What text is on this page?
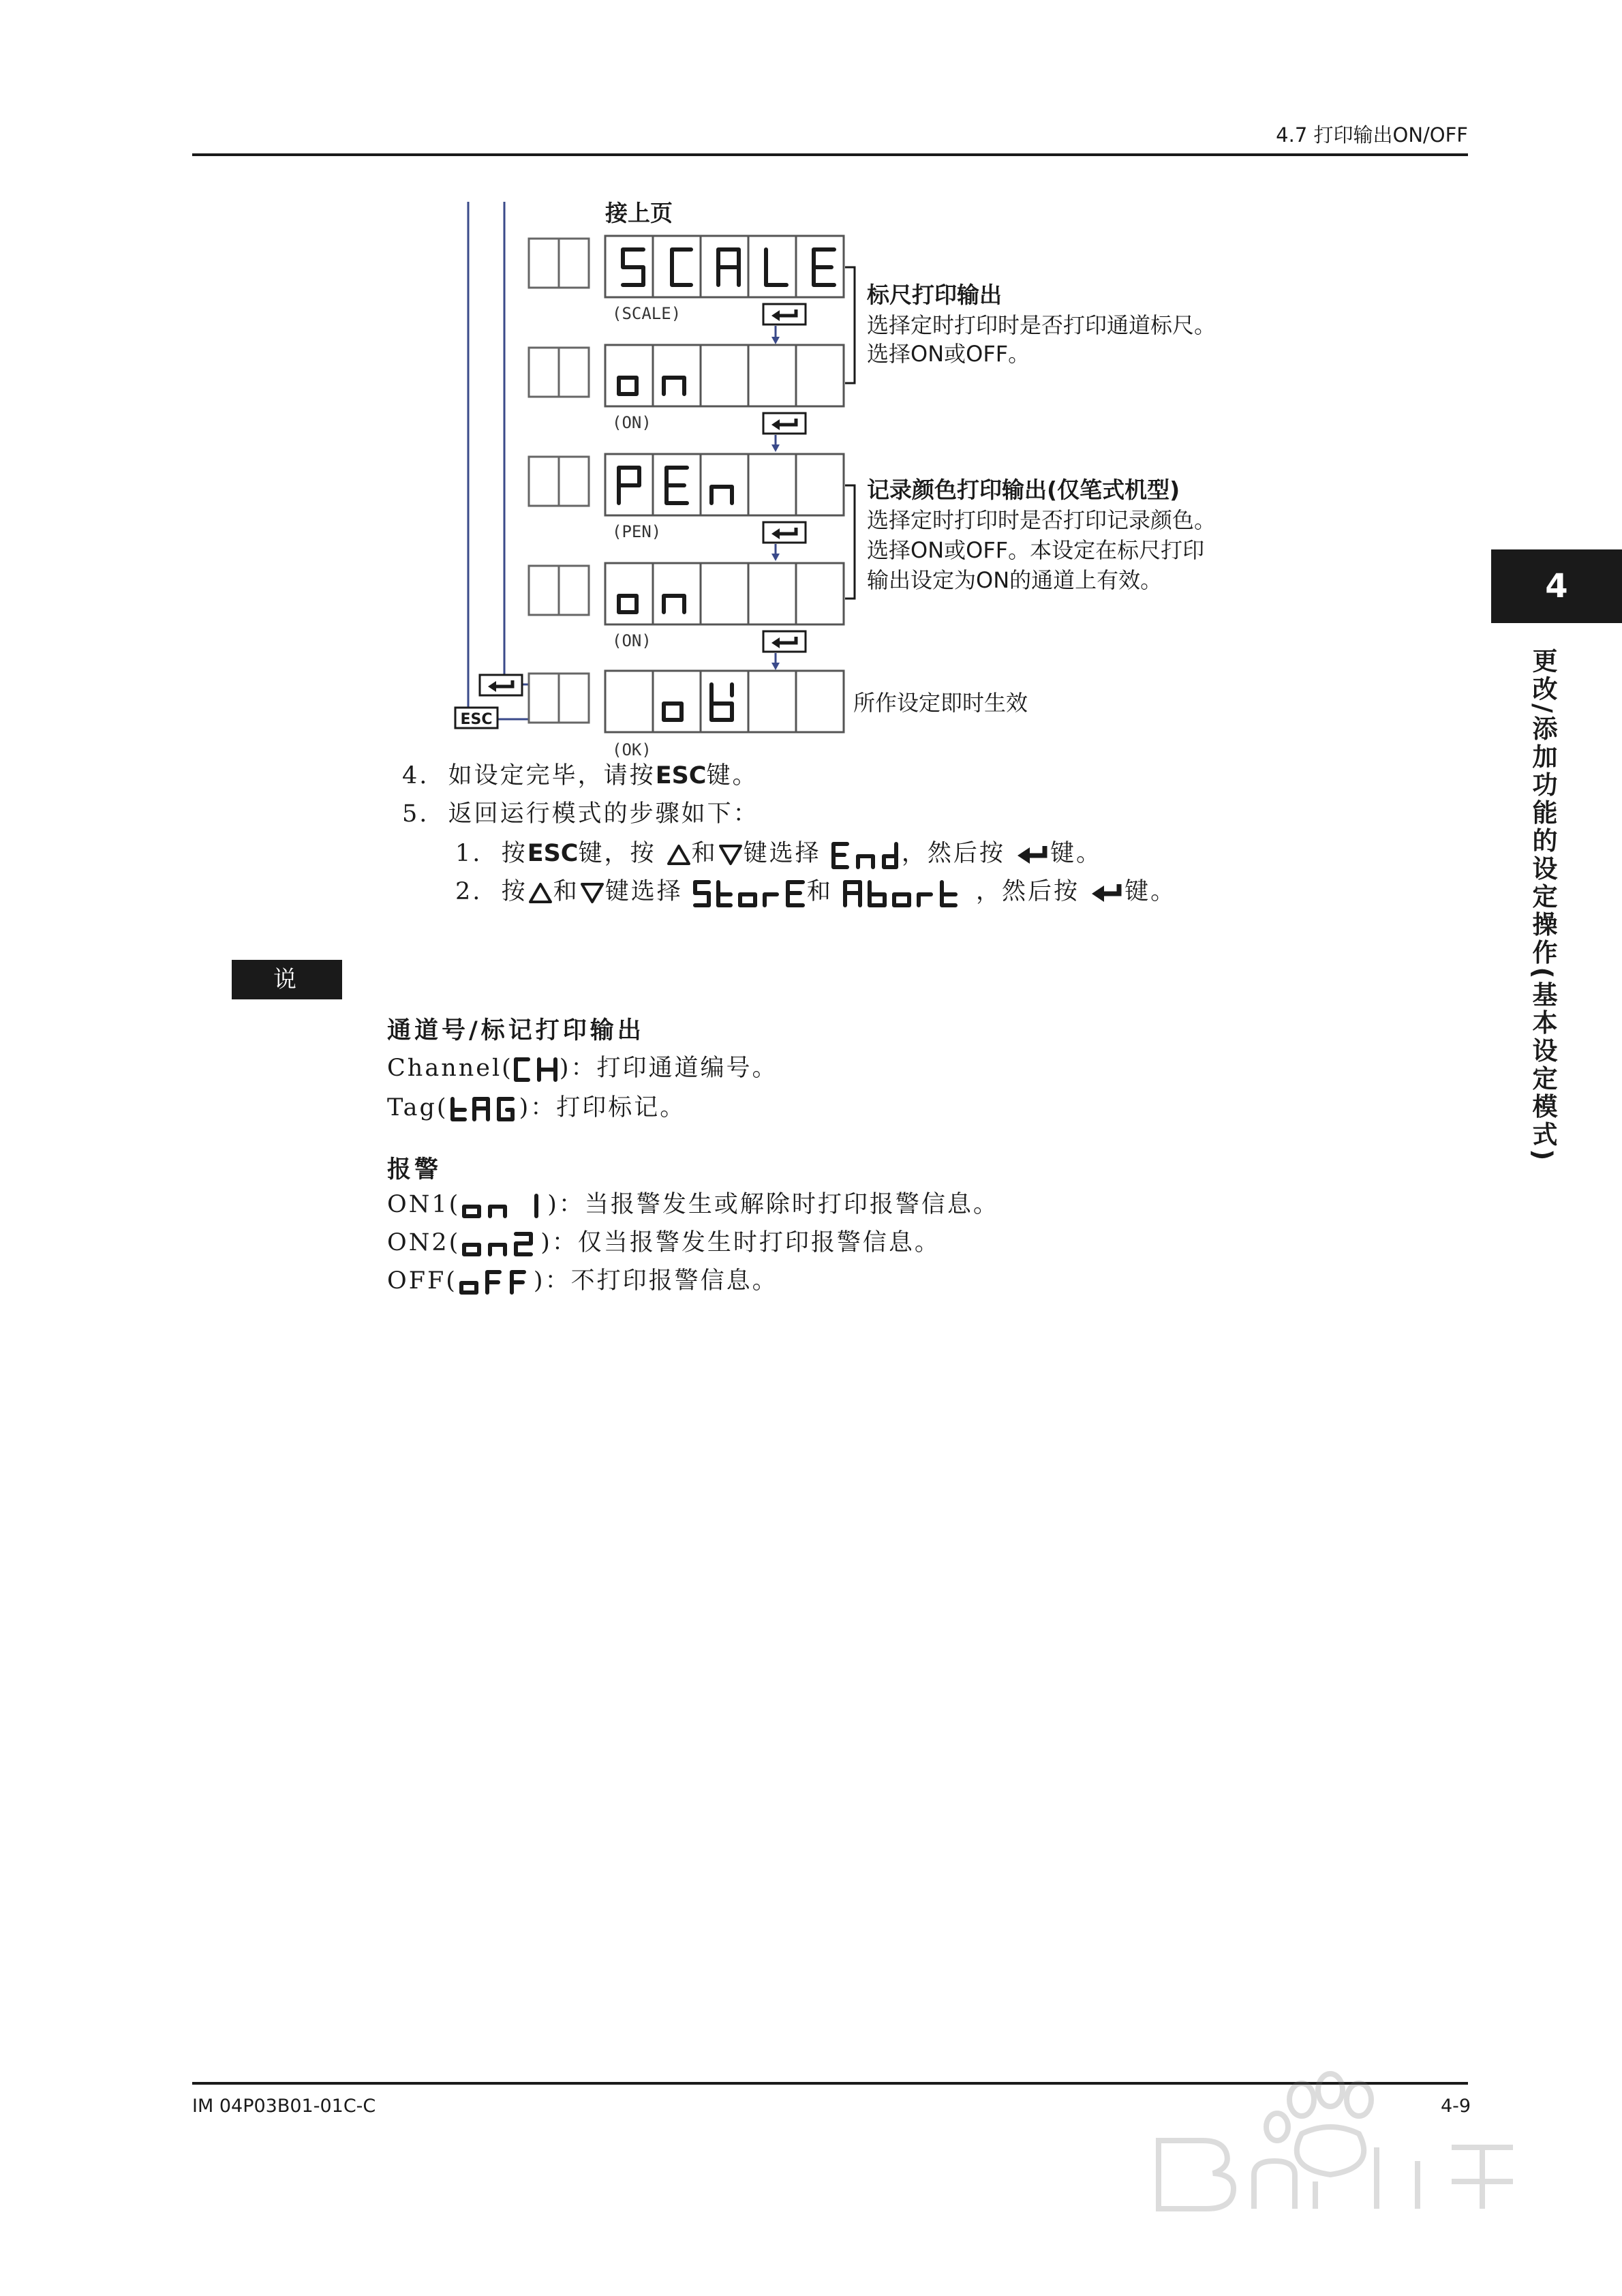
4.7 打印输出ON/OFF
接上页
(SCALE)
(ON)
标尺打印输出
选择定时打印时是否打印通道标尺。
选择ON或OFF。
(PEN)
(ON)
记录颜色打印输出(仅笔式机型)
选择定时打印时是否打印记录颜色。
选择ON或OFF。本设定在标尺打印
输出设定为ON的通道上有效。
(OK)
所作设定即时生效
ESC
4. 如设定完毕，请按ESC键。
5. 返回运行模式的步骤如下：
1. 按ESC键，按 和 键选择	，然后按 键。
2. 按 和 键选择	和	，然后按 键。
说明	通道号/标记打印输出
Channel( )：打印通道编号。
Tag(	)：打印标记。
报警
ON1(	)：当报警发生或解除时打印报警信息。
ON2(	)：仅当报警发生时打印报警信息。
OFF(	)：不打印报警信息。
4
更改/添加功能的设定操作(基本设定模式)
IM 04P03B01-01C-C	4-9
